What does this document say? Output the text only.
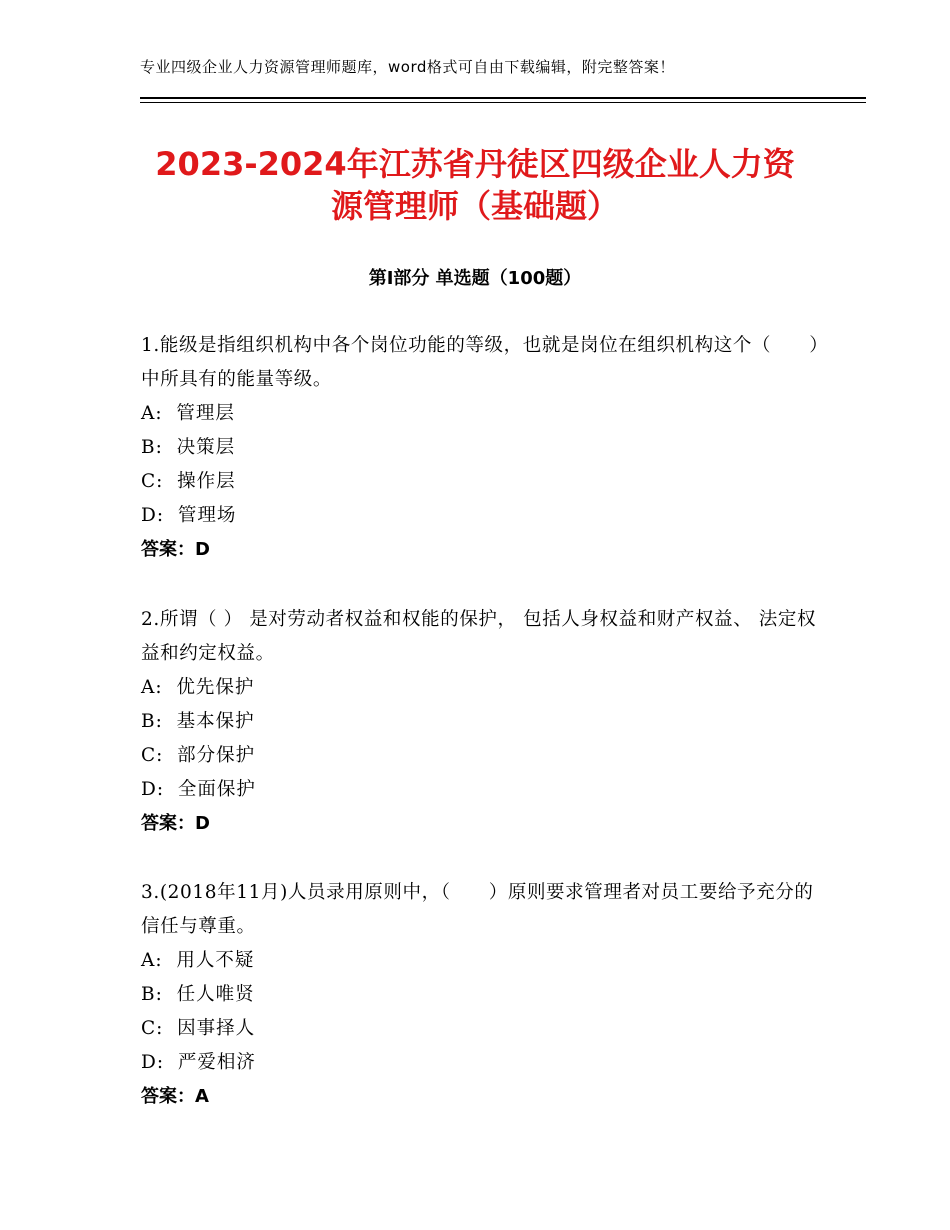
专业四级企业人力资源管理师题库，word格式可自由下载编辑，附完整答案！
2023-2024年江苏省丹徒区四级企业人力资
源管理师（基础题）
第Ⅰ部分 单选题（100题）

1.能级是指组织机构中各个岗位功能的等级，也就是岗位在组织机构这个（　　）中所具有的能量等级。

A:  管理层
B:  决策层
C:  操作层
D:  管理场
答案：D

2.所谓（ ） 是对劳动者权益和权能的保护， 包括人身权益和财产权益、 法定权益和约定权益。

A:  优先保护
B:  基本保护
C:  部分保护
D:  全面保护
答案：D

3.(2018年11月)人员录用原则中，（　　）原则要求管理者对员工要给予充分的信任与尊重。

A:  用人不疑
B:  任人唯贤
C:  因事择人
D:  严爱相济
答案：A
